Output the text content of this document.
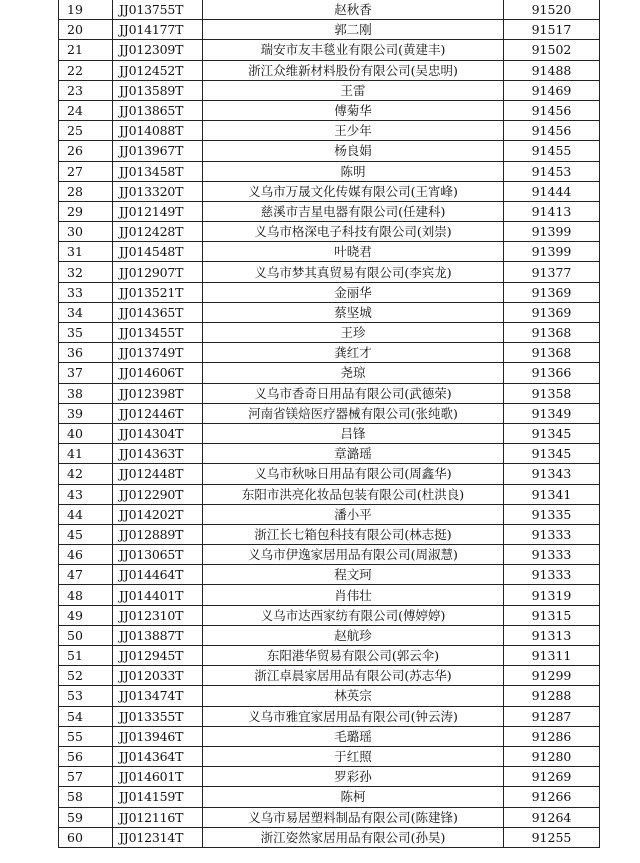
19	JJ013755T	赵秋香	91520
20	JJ014177T	郭二刚	91517
21	JJ012309T	瑞安市友丰毯业有限公司(黄建丰)	91502
22	JJ012452T	浙江众维新材料股份有限公司(吴忠明)	91488
23	JJ013589T	王雷	91469
24	JJ013865T	傅菊华	91456
25	JJ014088T	王少年	91456
26	JJ013967T	杨良娟	91455
27	JJ013458T	陈明	91453
28	JJ013320T	义乌市万晟文化传媒有限公司(王宵峰)	91444
29	JJ012149T	慈溪市吉星电器有限公司(任建科)	91413
30	JJ012428T	义乌市格深电子科技有限公司(刘崇)	91399
31	JJ014548T	叶晓君	91399
32	JJ012907T	义乌市梦其真贸易有限公司(李宾龙)	91377
33	JJ013521T	金丽华	91369
34	JJ014365T	蔡坚城	91369
35	JJ013455T	王珍	91368
36	JJ013749T	龚红才	91368
37	JJ014606T	尧琼	91366
38	JJ012398T	义乌市香奇日用品有限公司(武德荣)	91358
39	JJ012446T	河南省镁焙医疗器械有限公司(张纯歌)	91349
40	JJ014304T	吕锋	91345
41	JJ014363T	章潞瑶	91345
42	JJ012448T	义乌市秋咏日用品有限公司(周鑫华)	91343
43	JJ012290T	东阳市洪亮化妆品包装有限公司(杜洪良)	91341
44	JJ014202T	潘小平	91335
45	JJ012889T	浙江长七箱包科技有限公司(林志挺)	91333
46	JJ013065T	义乌市伊逸家居用品有限公司(周淑慧)	91333
47	JJ014464T	程文珂	91333
48	JJ014401T	肖伟壮	91319
49	JJ012310T	义乌市达西家纺有限公司(傅婷婷)	91315
50	JJ013887T	赵航珍	91313
51	JJ012945T	东阳港华贸易有限公司(郭云伞)	91311
52	JJ012033T	浙江卓晨家居用品有限公司(苏志华)	91299
53	JJ013474T	林英宗	91288
54	JJ013355T	义乌市雅宜家居用品有限公司(钟云涛)	91287
55	JJ013946T	毛璐瑶	91286
56	JJ014364T	于红照	91280
57	JJ014601T	罗彩孙	91269
58	JJ014159T	陈柯	91266
59	JJ012116T	义乌市易居塑料制品有限公司(陈建锋)	91264
60	JJ012314T	浙江姿然家居用品有限公司(孙昊)	91255
